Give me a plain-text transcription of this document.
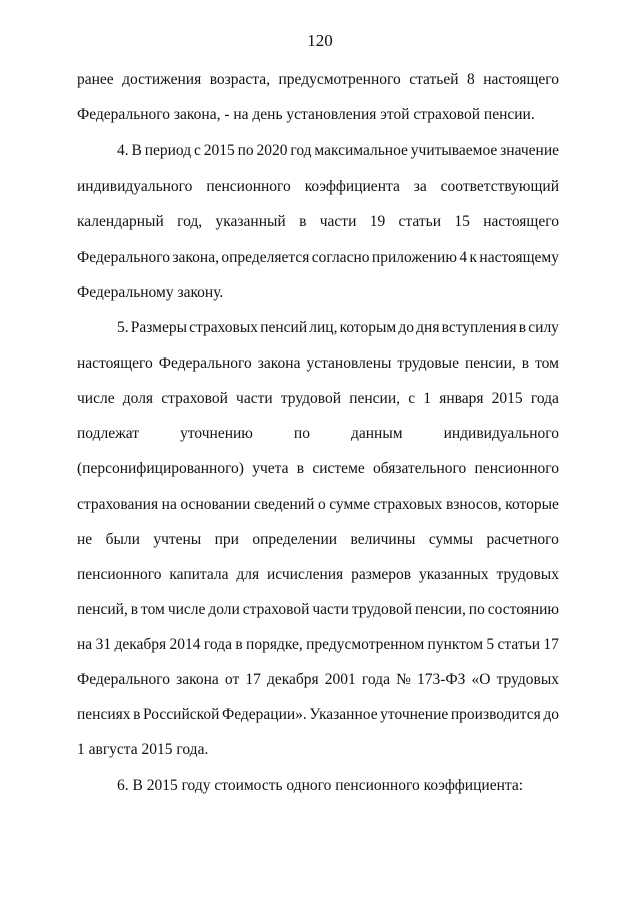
120
ранее достижения возраста, предусмотренного статьей 8 настоящего
Федерального закона, - на день установления этой страховой пенсии.
4. В период с 2015 по 2020 год максимальное учитываемое значение
индивидуального пенсионного коэффициента за соответствующий
календарный год, указанный в части 19 статьи 15 настоящего
Федерального закона, определяется согласно приложению 4 к настоящему
Федеральному закону.
5. Размеры страховых пенсий лиц, которым до дня вступления в силу
настоящего Федерального закона установлены трудовые пенсии, в том
числе доля страховой части трудовой пенсии, с 1 января 2015 года
подлежат	уточнению	по	данным	индивидуального
(персонифицированного) учета в системе обязательного пенсионного
страхования на основании сведений о сумме страховых взносов, которые
не были учтены при определении величины суммы расчетного
пенсионного капитала для исчисления размеров указанных трудовых
пенсий, в том числе доли страховой части трудовой пенсии, по состоянию
на 31 декабря 2014 года в порядке, предусмотренном пунктом 5 статьи 17
Федерального закона от 17 декабря 2001 года № 173-ФЗ «О трудовых
пенсиях в Российской Федерации». Указанное уточнение производится до
1 августа 2015 года.
6. В 2015 году стоимость одного пенсионного коэффициента:
